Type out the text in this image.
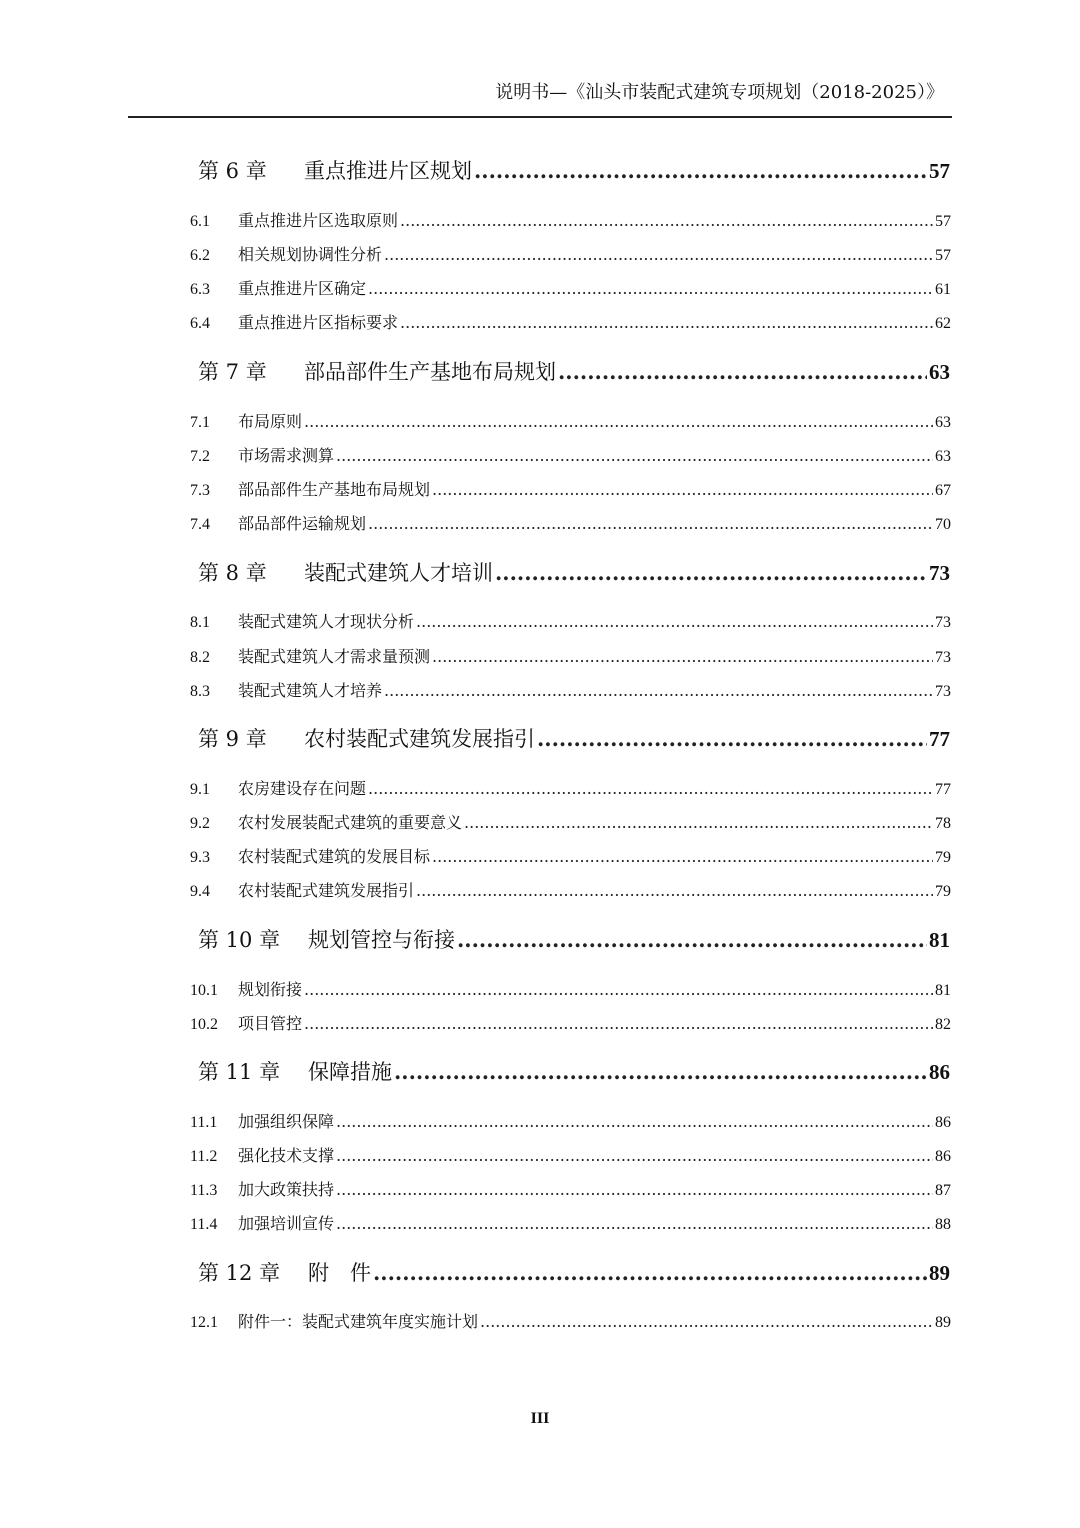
说明书—《汕头市装配式建筑专项规划（2018-2025）》
第 6 章	重点推进片区规划 .....	57
6.1	重点推进片区选取原则 .....	57
6.2	相关规划协调性分析 .....	57
6.3	重点推进片区确定 .....	61
6.4	重点推进片区指标要求 .....	62
第 7 章	部品部件生产基地布局规划 .....	63
7.1	布局原则 .....	63
7.2	市场需求测算 .....	63
7.3	部品部件生产基地布局规划 .....	67
7.4	部品部件运输规划 .....	70
第 8 章	装配式建筑人才培训 .....	73
8.1	装配式建筑人才现状分析 .....	73
8.2	装配式建筑人才需求量预测 .....	73
8.3	装配式建筑人才培养 .....	73
第 9 章	农村装配式建筑发展指引 .....	77
9.1	农房建设存在问题 .....	77
9.2	农村发展装配式建筑的重要意义 .....	78
9.3	农村装配式建筑的发展目标 .....	79
9.4	农村装配式建筑发展指引 .....	79
第 10 章	规划管控与衔接 .....	81
10.1	规划衔接 .....	81
10.2	项目管控 .....	82
第 11 章	保障措施 .....	86
11.1	加强组织保障 .....	86
11.2	强化技术支撑 .....	86
11.3	加大政策扶持 .....	87
11.4	加强培训宣传 .....	88
第 12 章	附　件 .....	89
12.1	附件一：装配式建筑年度实施计划 .....	89
III
